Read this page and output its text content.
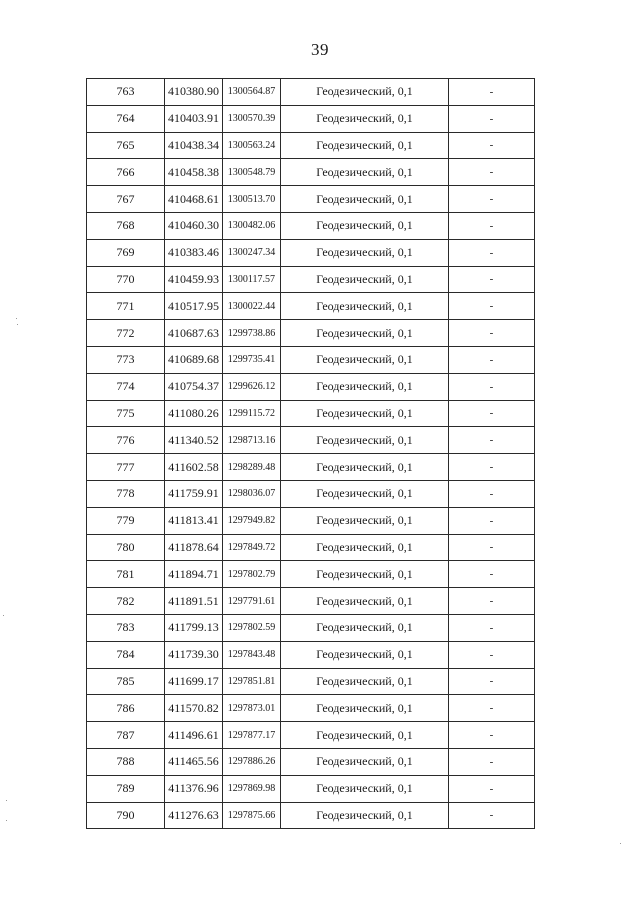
39
763	410380.90	1300564.87	Геодезический, 0,1	-
764	410403.91	1300570.39	Геодезический, 0,1	-
765	410438.34	1300563.24	Геодезический, 0,1	-
766	410458.38	1300548.79	Геодезический, 0,1	-
767	410468.61	1300513.70	Геодезический, 0,1	-
768	410460.30	1300482.06	Геодезический, 0,1	-
769	410383.46	1300247.34	Геодезический, 0,1	-
770	410459.93	1300117.57	Геодезический, 0,1	-
771	410517.95	1300022.44	Геодезический, 0,1	-
772	410687.63	1299738.86	Геодезический, 0,1	-
773	410689.68	1299735.41	Геодезический, 0,1	-
774	410754.37	1299626.12	Геодезический, 0,1	-
775	411080.26	1299115.72	Геодезический, 0,1	-
776	411340.52	1298713.16	Геодезический, 0,1	-
777	411602.58	1298289.48	Геодезический, 0,1	-
778	411759.91	1298036.07	Геодезический, 0,1	-
779	411813.41	1297949.82	Геодезический, 0,1	-
780	411878.64	1297849.72	Геодезический, 0,1	-
781	411894.71	1297802.79	Геодезический, 0,1	-
782	411891.51	1297791.61	Геодезический, 0,1	-
783	411799.13	1297802.59	Геодезический, 0,1	-
784	411739.30	1297843.48	Геодезический, 0,1	-
785	411699.17	1297851.81	Геодезический, 0,1	-
786	411570.82	1297873.01	Геодезический, 0,1	-
787	411496.61	1297877.17	Геодезический, 0,1	-
788	411465.56	1297886.26	Геодезический, 0,1	-
789	411376.96	1297869.98	Геодезический, 0,1	-
790	411276.63	1297875.66	Геодезический, 0,1	-
